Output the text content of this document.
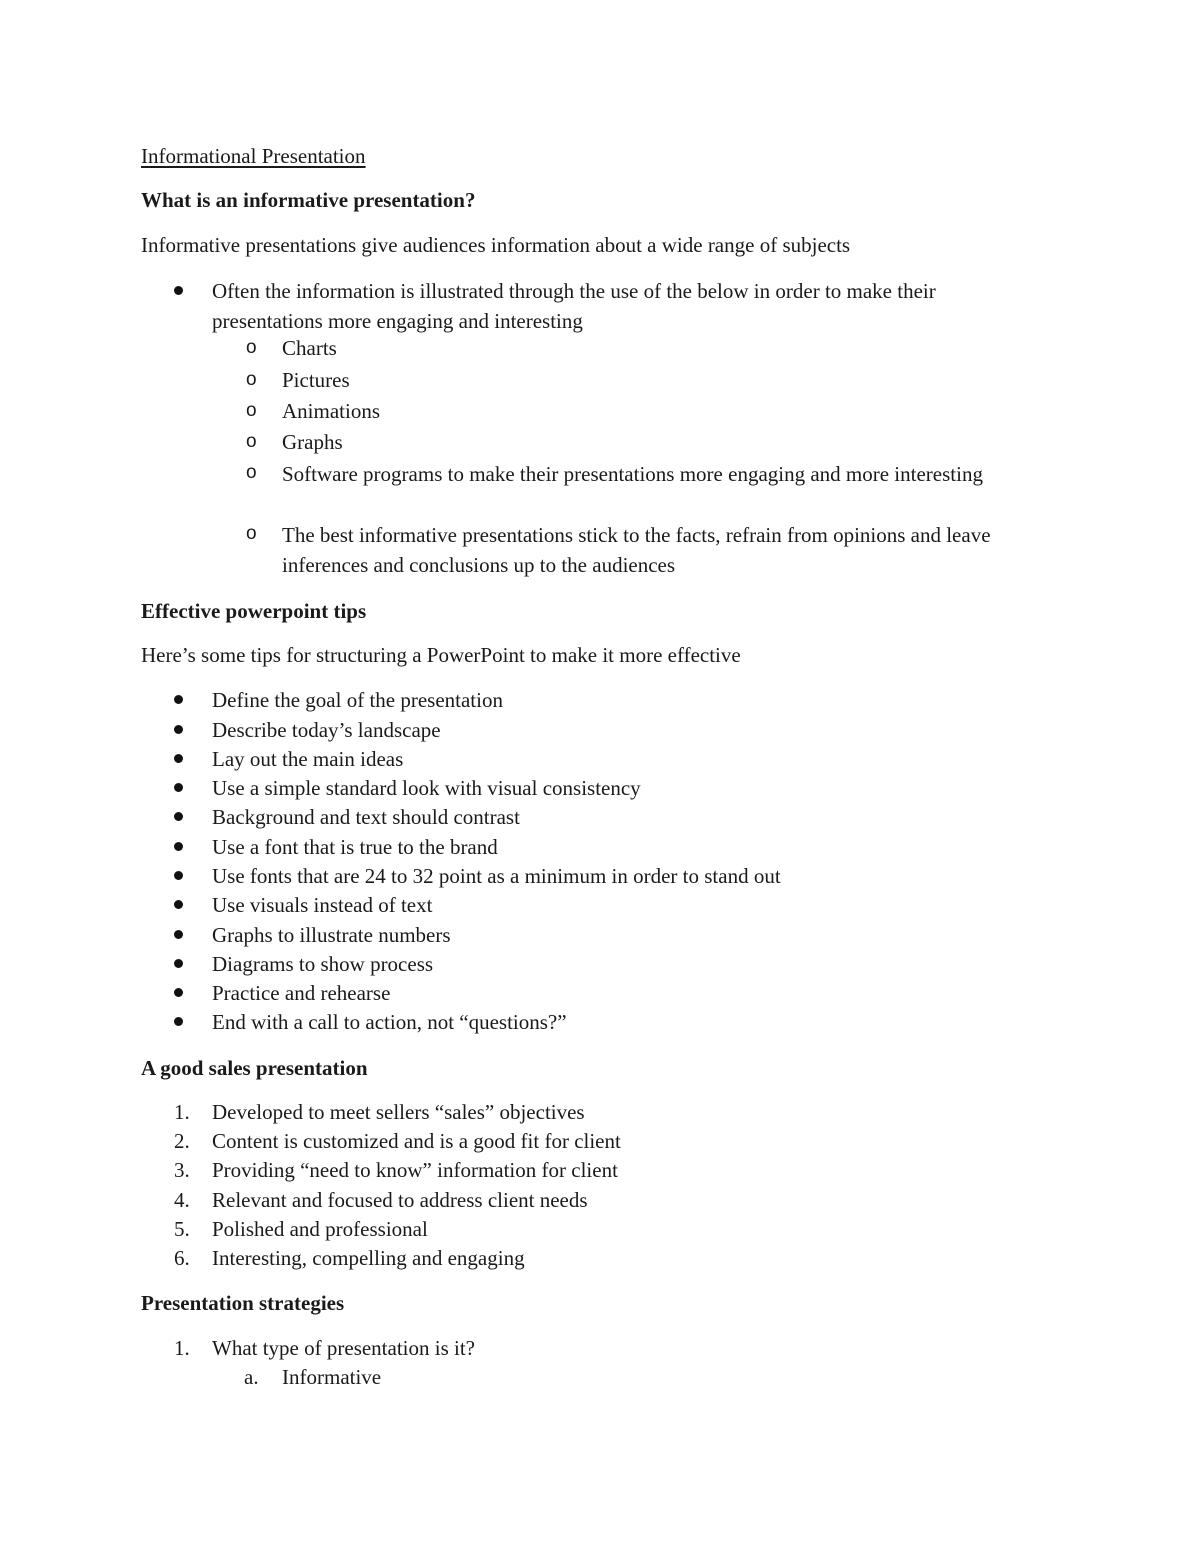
Informational Presentation
What is an informative presentation?
Informative presentations give audiences information about a wide range of subjects
Often the information is illustrated through the use of the below in order to make their presentations more engaging and interesting
o Charts
o Pictures
o Animations
o Graphs
o Software programs to make their presentations more engaging and more interesting
o The best informative presentations stick to the facts, refrain from opinions and leave inferences and conclusions up to the audiences
Effective powerpoint tips
Here’s some tips for structuring a PowerPoint to make it more effective
Define the goal of the presentation
Describe today’s landscape
Lay out the main ideas
Use a simple standard look with visual consistency
Background and text should contrast
Use a font that is true to the brand
Use fonts that are 24 to 32 point as a minimum in order to stand out
Use visuals instead of text
Graphs to illustrate numbers
Diagrams to show process
Practice and rehearse
End with a call to action, not “questions?”
A good sales presentation
1. Developed to meet sellers “sales” objectives
2. Content is customized and is a good fit for client
3. Providing “need to know” information for client
4. Relevant and focused to address client needs
5. Polished and professional
6. Interesting, compelling and engaging
Presentation strategies
1. What type of presentation is it?
a. Informative
